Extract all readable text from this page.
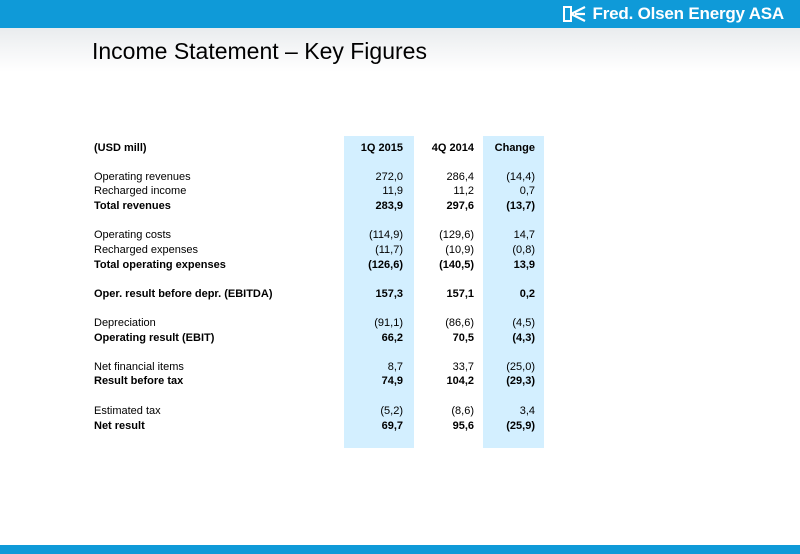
Fred. Olsen Energy ASA
Income Statement – Key Figures
(USD mill)	1Q 2015	4Q 2014 Change
Operating revenues	272,0	286,4	(14,4)
Recharged income	11,9	11,2	0,7
Total revenues	283,9	297,6	(13,7)
Operating costs	(114,9)	(129,6)	14,7
Recharged expenses	(11,7)	(10,9)	(0,8)
Total operating expenses	(126,6)	(140,5)	13,9
Oper. result before depr. (EBITDA)	157,3	157,1	0,2
Depreciation	(91,1)	(86,6)	(4,5)
Operating result (EBIT)	66,2	70,5	(4,3)
Net financial items	8,7	33,7	(25,0)
Result before tax	74,9	104,2	(29,3)
Estimated tax	(5,2)	(8,6)	3,4
Net result	69,7	95,6	(25,9)
